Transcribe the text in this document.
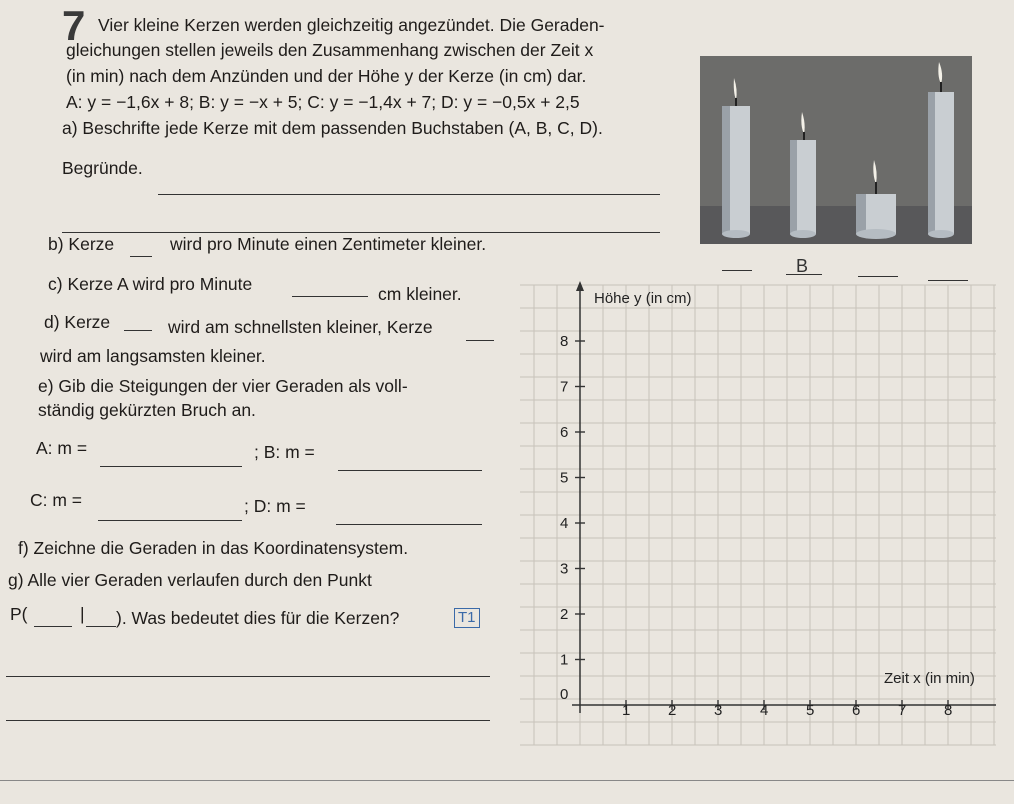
7 Vier kleine Kerzen werden gleichzeitig angezündet. Die Geraden-
gleichungen stellen jeweils den Zusammenhang zwischen der Zeit x
(in min) nach dem Anzünden und der Höhe y der Kerze (in cm) dar.
A: y = −1,6x + 8; B: y = −x + 5; C: y = −1,4x + 7; D: y = −0,5x + 2,5
a) Beschrifte jede Kerze mit dem passenden Buchstaben (A, B, C, D).
Begründe.
b) Kerze	wird pro Minute einen Zentimeter kleiner.
c) Kerze A wird pro Minute	cm kleiner.
d) Kerze	wird am schnellsten kleiner, Kerze
wird am langsamsten kleiner.
e) Gib die Steigungen der vier Geraden als voll-
ständig gekürzten Bruch an.
A: m =	; B: m =
C: m =	; D: m =
f) Zeichne die Geraden in das Koordinatensystem.
g) Alle vier Geraden verlaufen durch den Punkt
P(	| ). Was bedeutet dies für die Kerzen?	T1
B
1
2
3
4
5
6
7
8
1	2	3	4	5	6	7	8
Höhe y (in cm)
Zeit x (in min)
0
